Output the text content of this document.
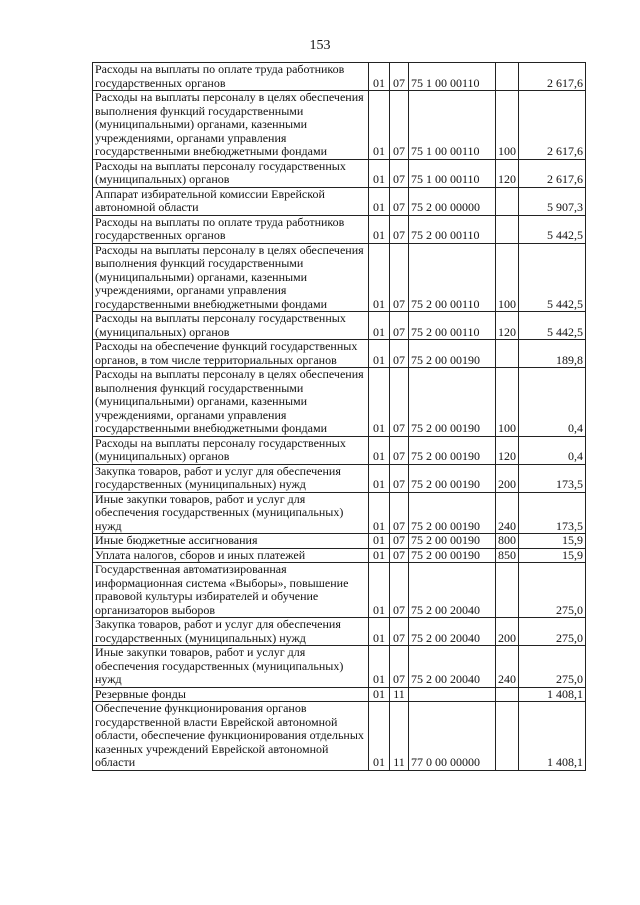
153
Расходы на выплаты по оплате труда работников государственных органов	01	07	75 1 00 00110		2 617,6
Расходы на выплаты персоналу в целях обеспечения выполнения функций государственными (муниципальными) органами, казенными учреждениями, органами управления государственными внебюджетными фондами	01	07	75 1 00 00110	100	2 617,6
Расходы на выплаты персоналу государственных (муниципальных) органов	01	07	75 1 00 00110	120	2 617,6
Аппарат избирательной комиссии Еврейской автономной области	01	07	75 2 00 00000		5 907,3
Расходы на выплаты по оплате труда работников государственных органов	01	07	75 2 00 00110		5 442,5
Расходы на выплаты персоналу в целях обеспечения выполнения функций государственными (муниципальными) органами, казенными учреждениями, органами управления государственными внебюджетными фондами	01	07	75 2 00 00110	100	5 442,5
Расходы на выплаты персоналу государственных (муниципальных) органов	01	07	75 2 00 00110	120	5 442,5
Расходы на обеспечение функций государственных органов, в том числе территориальных органов	01	07	75 2 00 00190		189,8
Расходы на выплаты персоналу в целях обеспечения выполнения функций государственными (муниципальными) органами, казенными учреждениями, органами управления государственными внебюджетными фондами	01	07	75 2 00 00190	100	0,4
Расходы на выплаты персоналу государственных (муниципальных) органов	01	07	75 2 00 00190	120	0,4
Закупка товаров, работ и услуг для обеспечения государственных (муниципальных) нужд	01	07	75 2 00 00190	200	173,5
Иные закупки товаров, работ и услуг для обеспечения государственных (муниципальных) нужд	01	07	75 2 00 00190	240	173,5
Иные бюджетные ассигнования	01	07	75 2 00 00190	800	15,9
Уплата налогов, сборов и иных платежей	01	07	75 2 00 00190	850	15,9
Государственная автоматизированная информационная система «Выборы», повышение правовой культуры избирателей и обучение организаторов выборов	01	07	75 2 00 20040		275,0
Закупка товаров, работ и услуг для обеспечения государственных (муниципальных) нужд	01	07	75 2 00 20040	200	275,0
Иные закупки товаров, работ и услуг для обеспечения государственных (муниципальных) нужд	01	07	75 2 00 20040	240	275,0
Резервные фонды	01	11			1 408,1
Обеспечение функционирования органов государственной власти Еврейской автономной области, обеспечение функционирования отдельных казенных учреждений Еврейской автономной области	01	11	77 0 00 00000		1 408,1
